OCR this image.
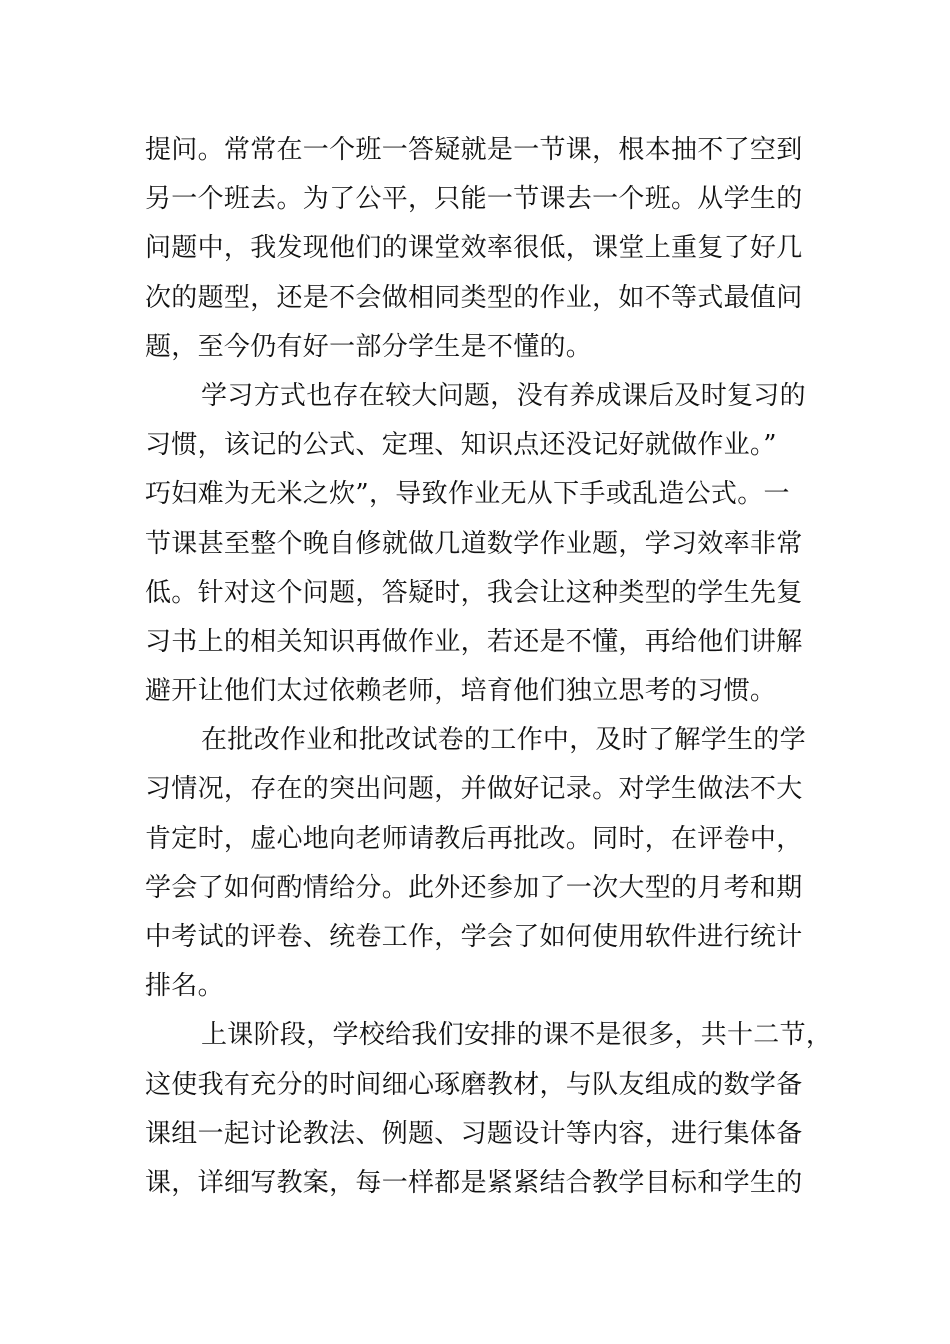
提问。常常在一个班一答疑就是一节课，根本抽不了空到
另一个班去。为了公平，只能一节课去一个班。从学生的
问题中，我发现他们的课堂效率很低，课堂上重复了好几
次的题型，还是不会做相同类型的作业，如不等式最值问
题，至今仍有好一部分学生是不懂的。
学习方式也存在较大问题，没有养成课后及时复习的
习惯，该记的公式、定理、知识点还没记好就做作业。”
巧妇难为无米之炊”，导致作业无从下手或乱造公式。一
节课甚至整个晚自修就做几道数学作业题，学习效率非常
低。针对这个问题，答疑时，我会让这种类型的学生先复
习书上的相关知识再做作业，若还是不懂，再给他们讲解
避开让他们太过依赖老师，培育他们独立思考的习惯。
在批改作业和批改试卷的工作中，及时了解学生的学
习情况，存在的突出问题，并做好记录。对学生做法不大
肯定时，虚心地向老师请教后再批改。同时，在评卷中，
学会了如何酌情给分。此外还参加了一次大型的月考和期
中考试的评卷、统卷工作，学会了如何使用软件进行统计
排名。
上课阶段，学校给我们安排的课不是很多，共十二节，
这使我有充分的时间细心琢磨教材，与队友组成的数学备
课组一起讨论教法、例题、习题设计等内容，进行集体备
课，详细写教案，每一样都是紧紧结合教学目标和学生的
